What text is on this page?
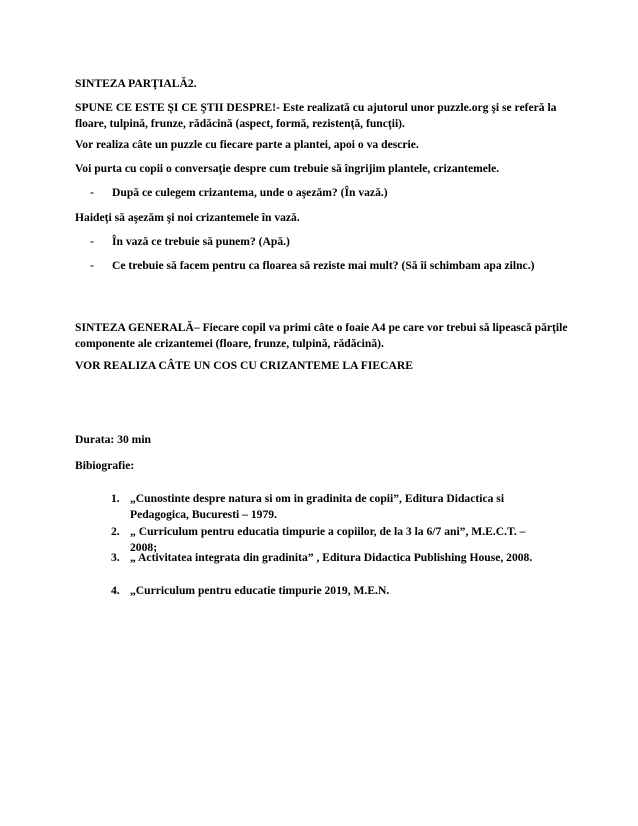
SINTEZA PARŢIALĂ2.

SPUNE CE ESTE ŞI CE ŞTII DESPRE!- Este realizată cu ajutorul unor puzzle.org şi se referă la floare, tulpină, frunze, rădăcină (aspect, formă, rezistenţă, funcţii).

Vor realiza câte un puzzle cu fiecare parte a plantei, apoi o va descrie.

Voi purta cu copii o conversaţie despre cum trebuie să îngrijim plantele, crizantemele.

- După ce culegem crizantema, unde o aşezăm? (În vază.)

Haideţi să aşezăm şi noi crizantemele în vază.

- În vază ce trebuie să punem? (Apă.)
- Ce trebuie să facem pentru ca floarea să reziste mai mult? (Să îi schimbam apa zilnc.)

SINTEZA GENERALĂ– Fiecare copil va primi câte o foaie A4 pe care vor trebui să lipească părţile componente ale crizantemei (floare, frunze, tulpină, rădăcină).

VOR REALIZA CÂTE UN COS CU CRIZANTEME LA FIECARE

Durata: 30 min

Bibiografie:

1. „Cunostinte despre natura si om in gradinita de copii”, Editura Didactica si Pedagogica, Bucuresti – 1979.
2. „ Curriculum pentru educatia timpurie a copiilor, de la 3 la 6/7 ani”, M.E.C.T. – 2008;
3. „ Activitatea integrata din gradinita” , Editura Didactica Publishing House, 2008.
4. „Curriculum pentru educatie timpurie 2019, M.E.N.
